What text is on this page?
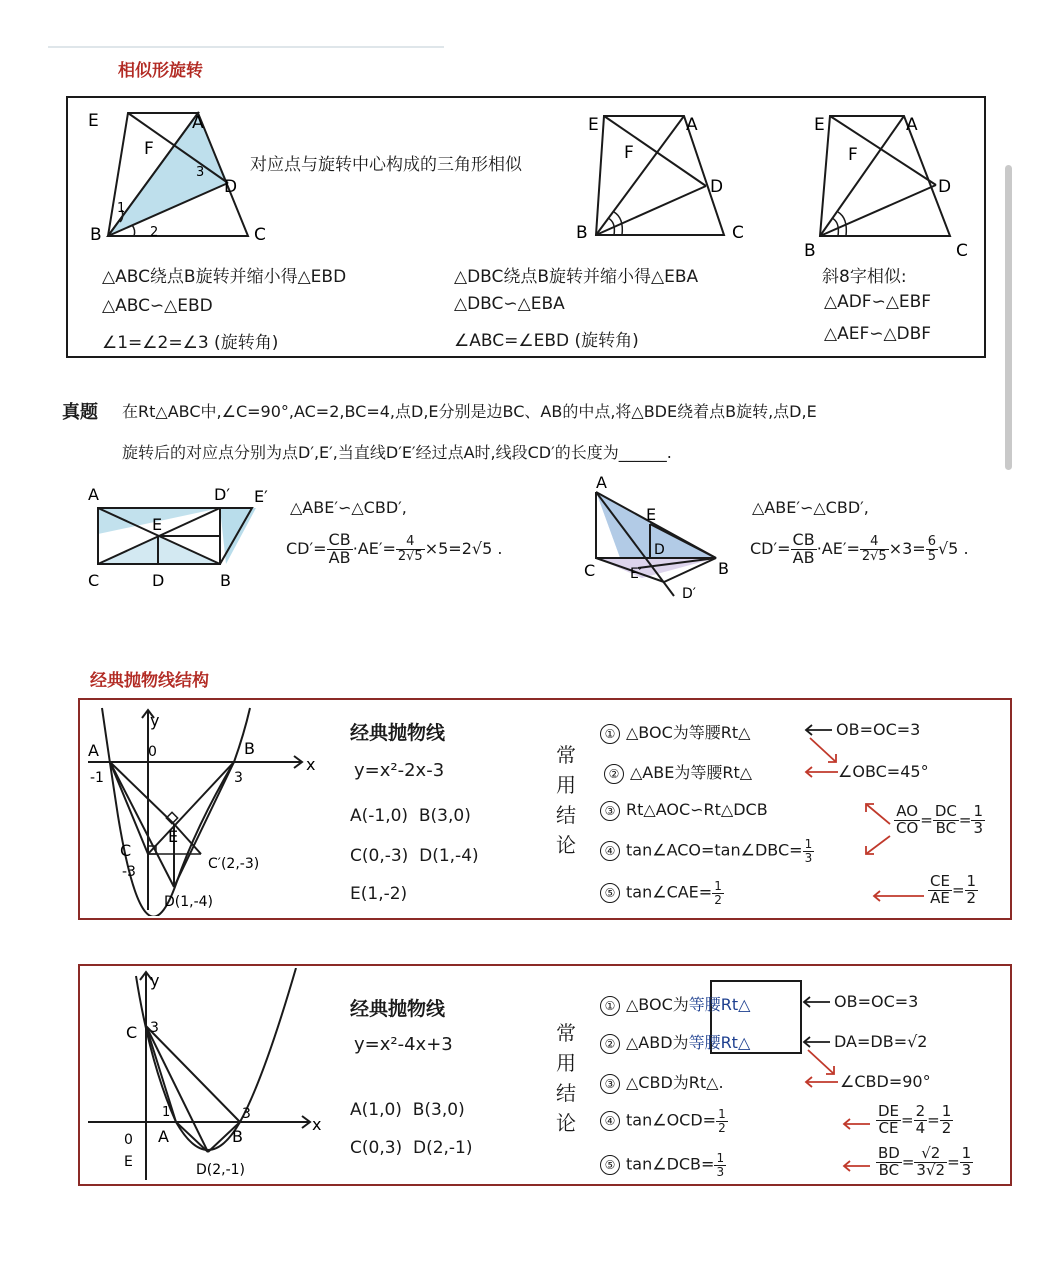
相似形旋转
E	A
F
D
B	C
1
2
3	对应点与旋转中心构成的三角形相似
E	A
F
D
B	C
E	A
F
D
B	C
△ABC绕点B旋转并缩小得△EBD
△ABC∽△EBD
∠1=∠2=∠3 (旋转角)
△DBC绕点B旋转并缩小得△EBA
△DBC∽△EBA
∠ABC=∠EBD (旋转角)
斜8字相似:
△ADF∽△EBF
△AEF∽△DBF
真题 在Rt△ABC中,∠C=90°,AC=2,BC=4,点D,E分别是边BC、AB的中点,将△BDE绕着点B旋转,点D,E
旋转后的对应点分别为点D′,E′,当直线D′E′经过点A时,线段CD′的长度为______.
A	D′ E′
E
C	D	B
△ABE′∽△CBD′,
$CD'= \frac{CB}{AB} \cdot AE'= \frac{4}{2√5} \times 5=2√5$ .
A
E
D
C E′	B
D′
△ABE′∽△CBD′,
$CD'= \frac{CB}{AB} \cdot AE'= \frac{4}{2√5} \times 3= \frac{6}{5} √5$ .
经典抛物线结构
y
x
A
-1
0	B
3
E
C
-3	C′(2,-3)
D(1,-4)
经典抛物线
y=x²-2x-3
A(-1,0)  B(3,0)
C(0,-3)  D(1,-4)
E(1,-2)
常
用
结
论
① △BOC为等腰Rt△
② △ABE为等腰Rt△
③ Rt△AOC∽Rt△DCB
④ tan∠ACO=tan∠DBC= $\frac{1}{3}$
⑤ tan∠CAE= $\frac{1}{2}$
OB=OC=3
∠OBC=45°
$\frac{AO}{CO} = \frac{DC}{BC} = \frac{1}{3}$
$\frac{CE}{AE} = \frac{1}{2}$
y
x
C 3
1
A
0
E
3
B
D(2,-1)
经典抛物线
y=x²-4x+3
A(1,0)  B(3,0)
C(0,3)  D(2,-1)
常
用
结
论
① △BOC为等腰Rt△
② △ABD为等腰Rt△
③ △CBD为Rt△.
④ tan∠OCD= $\frac{1}{2}$
⑤ tan∠DCB= $\frac{1}{3}$
OB=OC=3
DA=DB=√2
∠CBD=90°
$\frac{DE}{CE} = \frac{2}{4} = \frac{1}{2}$
$\frac{BD}{BC} = \frac{√2}{3√2} = \frac{1}{3}$
